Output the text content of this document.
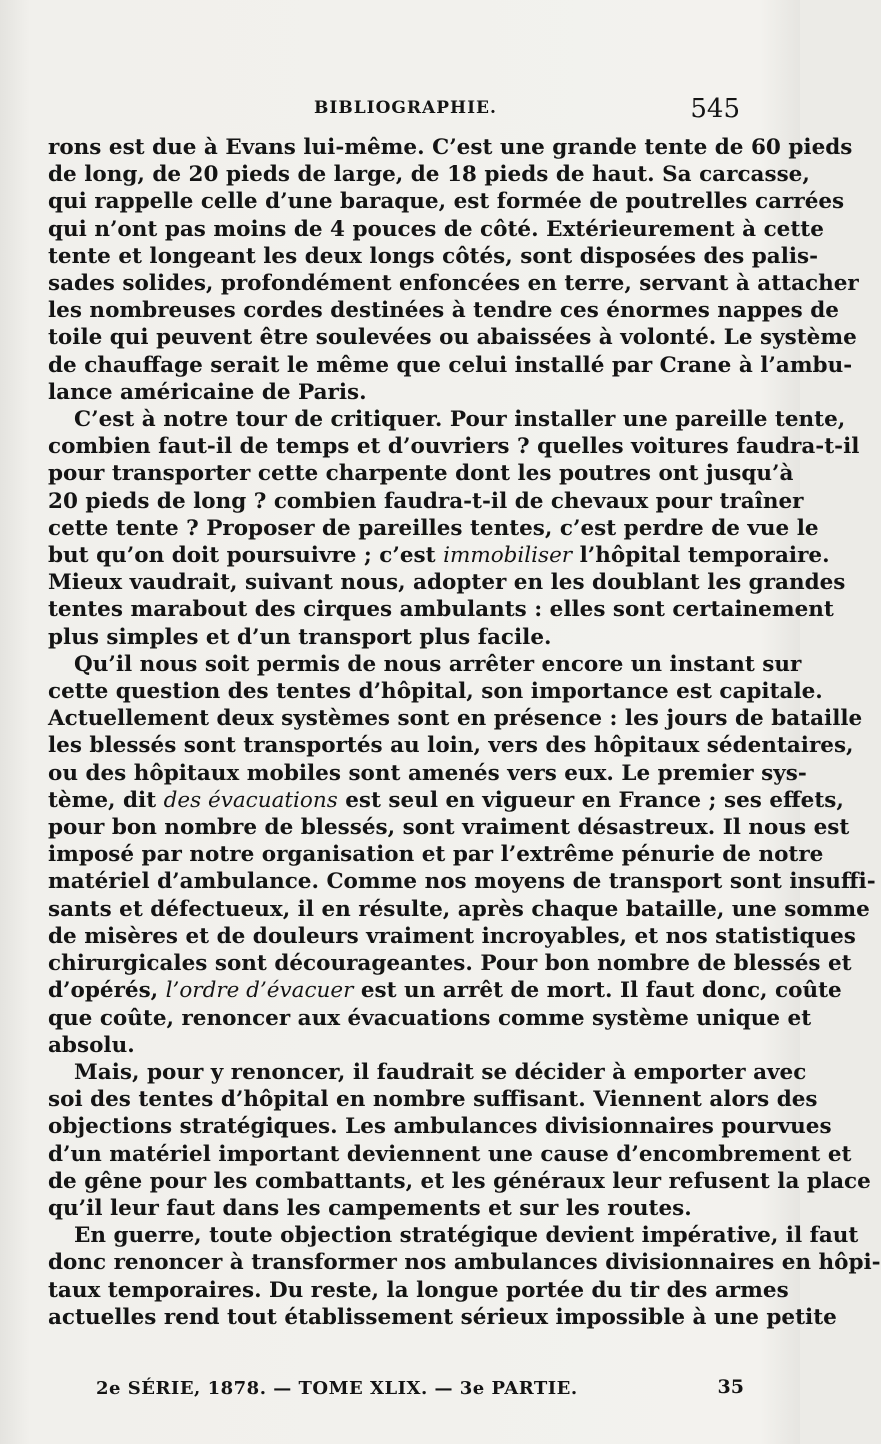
BIBLIOGRAPHIE.	545

rons est due à Evans lui-même. C’est une grande tente de 60 pieds
de long, de 20 pieds de large, de 18 pieds de haut. Sa carcasse,
qui rappelle celle d’une baraque, est formée de poutrelles carrées
qui n’ont pas moins de 4 pouces de côté. Extérieurement à cette
tente et longeant les deux longs côtés, sont disposées des palis-
sades solides, profondément enfoncées en terre, servant à attacher
les nombreuses cordes destinées à tendre ces énormes nappes de
toile qui peuvent être soulevées ou abaissées à volonté. Le système
de chauffage serait le même que celui installé par Crane à l’ambu-
lance américaine de Paris.

C’est à notre tour de critiquer. Pour installer une pareille tente,
combien faut-il de temps et d’ouvriers ? quelles voitures faudra-t-il
pour transporter cette charpente dont les poutres ont jusqu’à
20 pieds de long ? combien faudra-t-il de chevaux pour traîner
cette tente ? Proposer de pareilles tentes, c’est perdre de vue le
but qu’on doit poursuivre ; c’est immobiliser l’hôpital temporaire.
Mieux vaudrait, suivant nous, adopter en les doublant les grandes
tentes marabout des cirques ambulants : elles sont certainement
plus simples et d’un transport plus facile.

Qu’il nous soit permis de nous arrêter encore un instant sur
cette question des tentes d’hôpital, son importance est capitale.
Actuellement deux systèmes sont en présence : les jours de bataille
les blessés sont transportés au loin, vers des hôpitaux sédentaires,
ou des hôpitaux mobiles sont amenés vers eux. Le premier sys-
tème, dit des évacuations est seul en vigueur en France ; ses effets,
pour bon nombre de blessés, sont vraiment désastreux. Il nous est
imposé par notre organisation et par l’extrême pénurie de notre
matériel d’ambulance. Comme nos moyens de transport sont insuffi-
sants et défectueux, il en résulte, après chaque bataille, une somme
de misères et de douleurs vraiment incroyables, et nos statistiques
chirurgicales sont décourageantes. Pour bon nombre de blessés et
d’opérés, l’ordre d’évacuer est un arrêt de mort. Il faut donc, coûte
que coûte, renoncer aux évacuations comme système unique et
absolu.

Mais, pour y renoncer, il faudrait se décider à emporter avec
soi des tentes d’hôpital en nombre suffisant. Viennent alors des
objections stratégiques. Les ambulances divisionnaires pourvues
d’un matériel important deviennent une cause d’encombrement et
de gêne pour les combattants, et les généraux leur refusent la place
qu’il leur faut dans les campements et sur les routes.

En guerre, toute objection stratégique devient impérative, il faut
donc renoncer à transformer nos ambulances divisionnaires en hôpi-
taux temporaires. Du reste, la longue portée du tir des armes
actuelles rend tout établissement sérieux impossible à une petite

2e SÉRIE, 1878. — TOME XLIX. — 3e PARTIE.	35
